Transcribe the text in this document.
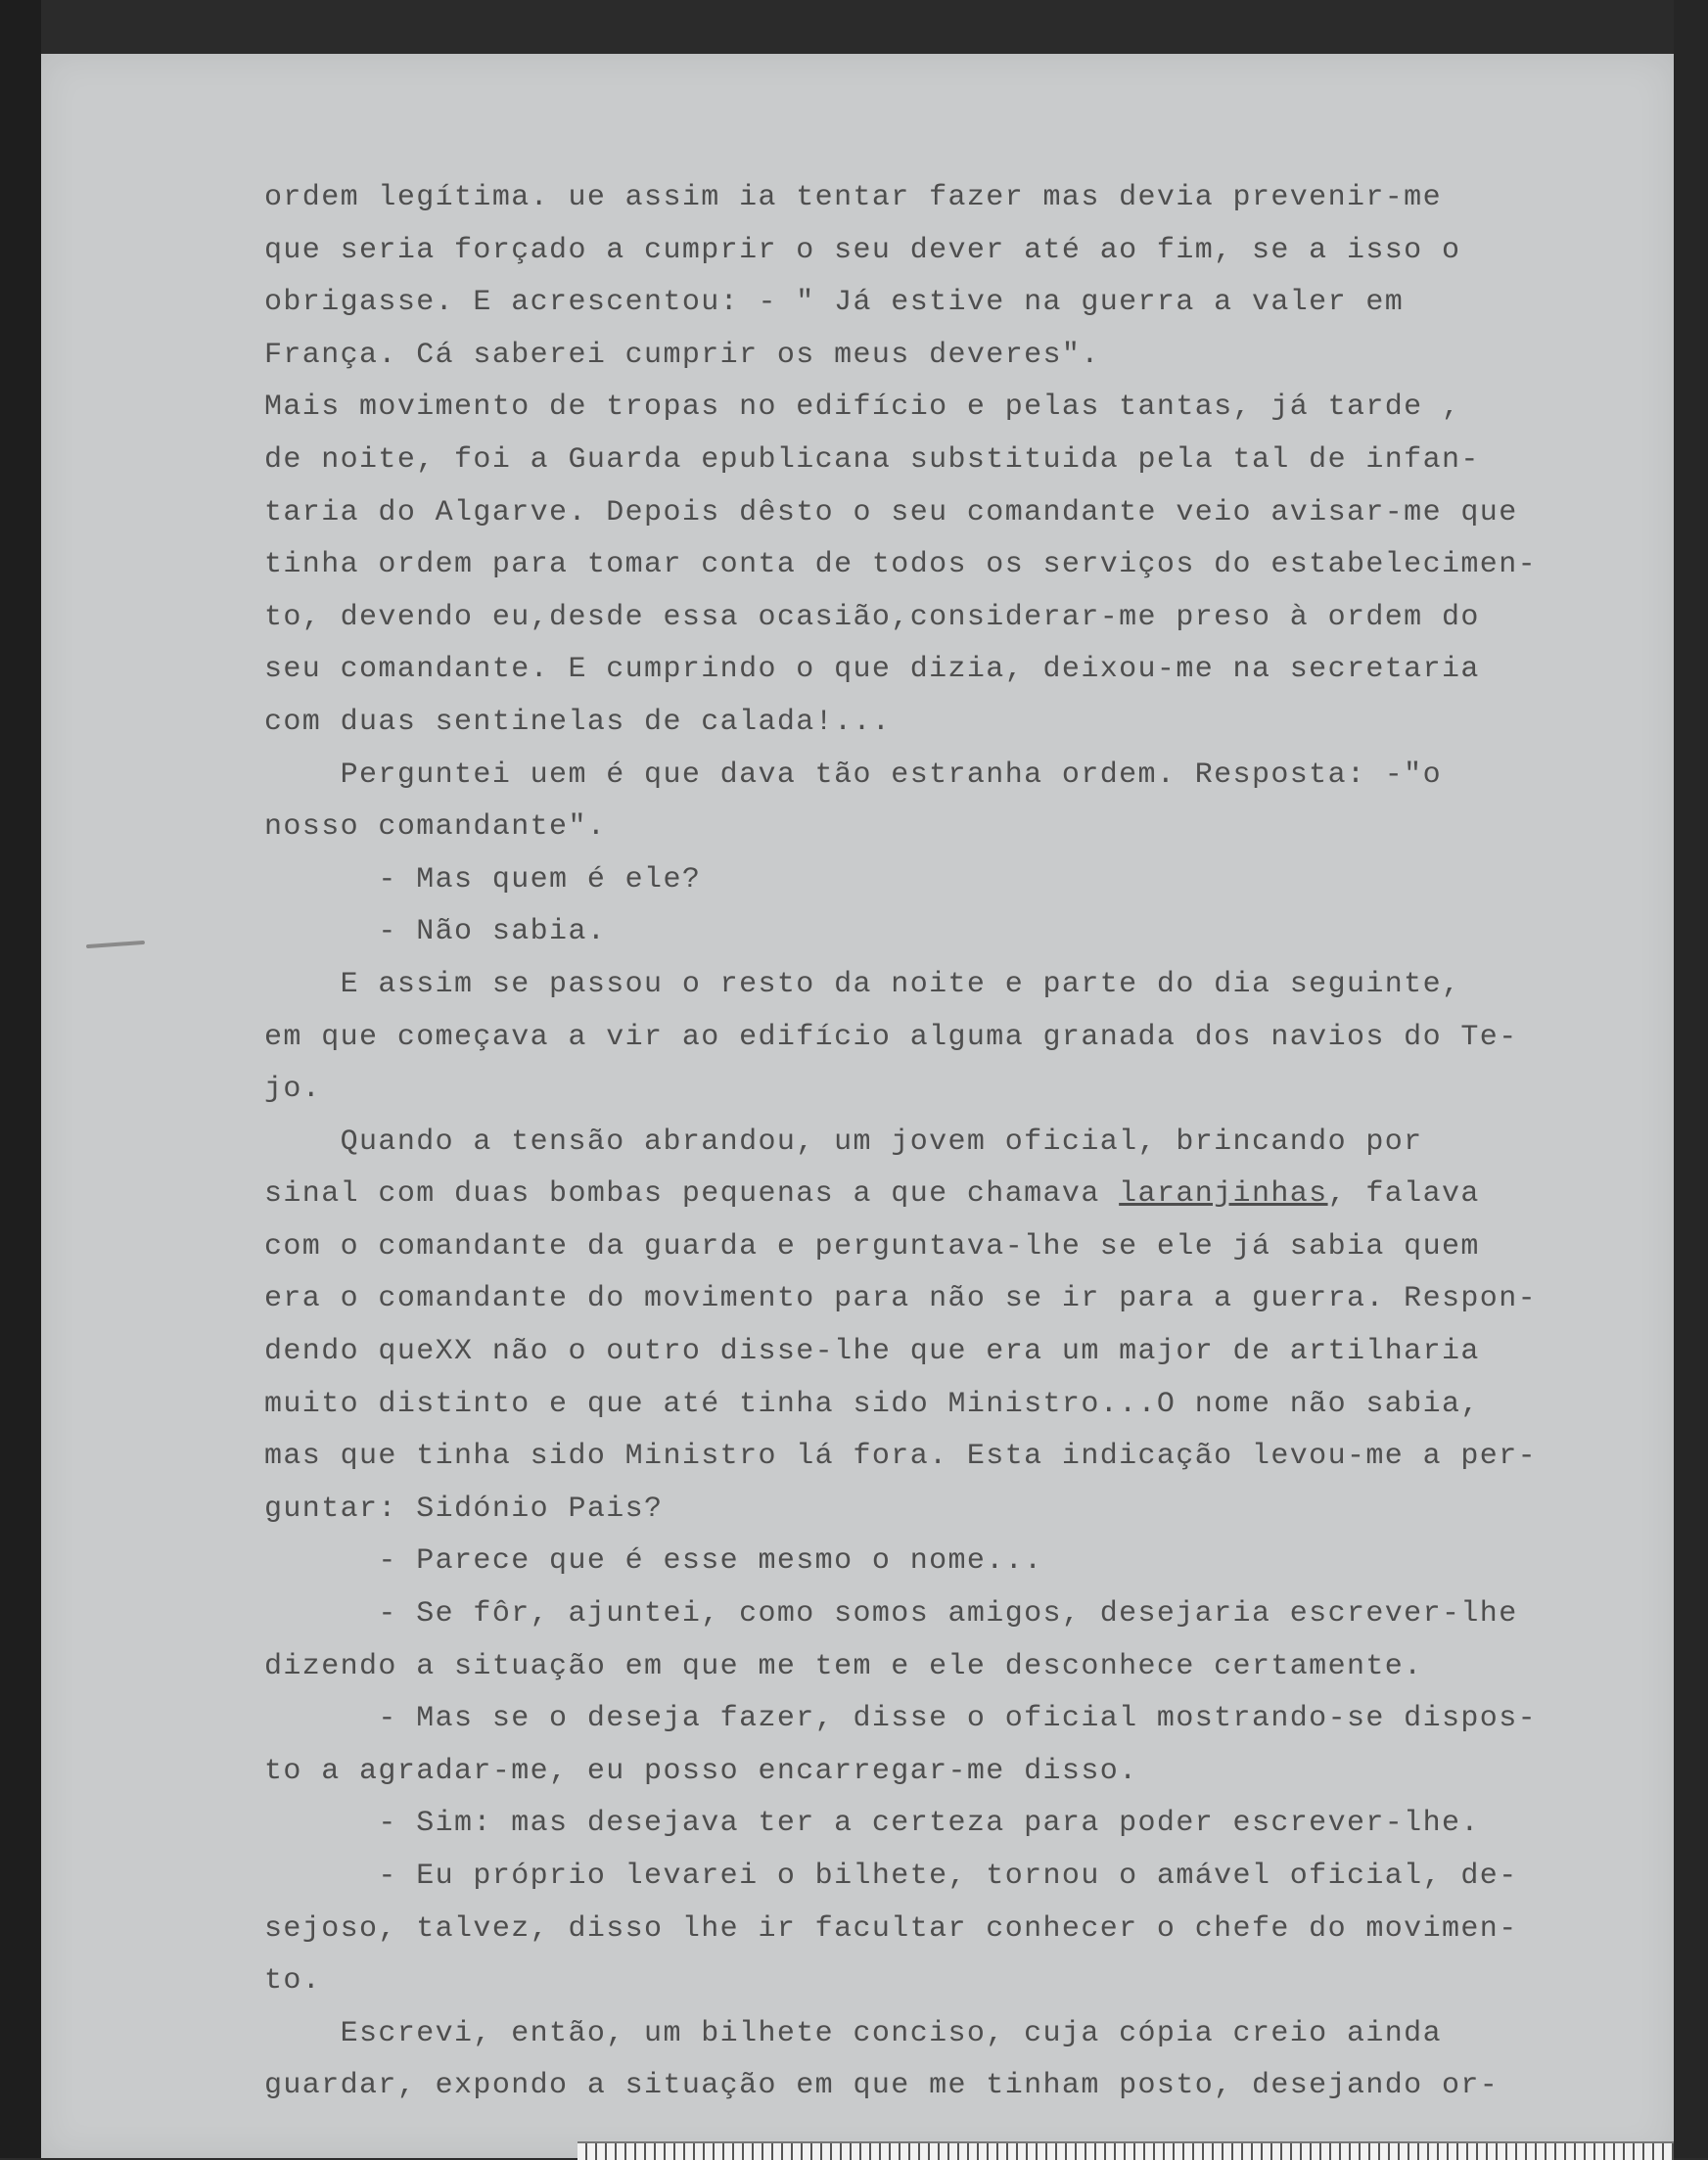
ordem legítima. ue assim ia tentar fazer mas devia prevenir-me
que seria forçado a cumprir o seu dever até ao fim, se a isso o
obrigasse. E acrescentou: - " Já estive na guerra a valer em
França. Cá saberei cumprir os meus deveres".
Mais movimento de tropas no edifício e pelas tantas, já tarde ,
de noite, foi a Guarda epublicana substituida pela tal de infan-
taria do Algarve. Depois dêsto o seu comandante veio avisar-me que
tinha ordem para tomar conta de todos os serviços do estabelecimen-
to, devendo eu,desde essa ocasião,considerar-me preso à ordem do
seu comandante. E cumprindo o que dizia, deixou-me na secretaria
com duas sentinelas de calada!...
Perguntei uem é que dava tão estranha ordem. Resposta: -"o
nosso comandante".
- Mas quem é ele?
- Não sabia.
E assim se passou o resto da noite e parte do dia seguinte,
em que começava a vir ao edifício alguma granada dos navios do Te-
jo.
Quando a tensão abrandou, um jovem oficial, brincando por
sinal com duas bombas pequenas a que chamava laranjinhas, falava
com o comandante da guarda e perguntava-lhe se ele já sabia quem
era o comandante do movimento para não se ir para a guerra. Respon-
dendo queXX não o outro disse-lhe que era um major de artilharia
muito distinto e que até tinha sido Ministro...O nome não sabia,
mas que tinha sido Ministro lá fora. Esta indicação levou-me a per-
guntar: Sidónio Pais?
- Parece que é esse mesmo o nome...
- Se fôr, ajuntei, como somos amigos, desejaria escrever-lhe
dizendo a situação em que me tem e ele desconhece certamente.
- Mas se o deseja fazer, disse o oficial mostrando-se dispos-
to a agradar-me, eu posso encarregar-me disso.
- Sim: mas desejava ter a certeza para poder escrever-lhe.
- Eu próprio levarei o bilhete, tornou o amável oficial, de-
sejoso, talvez, disso lhe ir facultar conhecer o chefe do movimen-
to.
Escrevi, então, um bilhete conciso, cuja cópia creio ainda
guardar, expondo a situação em que me tinham posto, desejando or-
